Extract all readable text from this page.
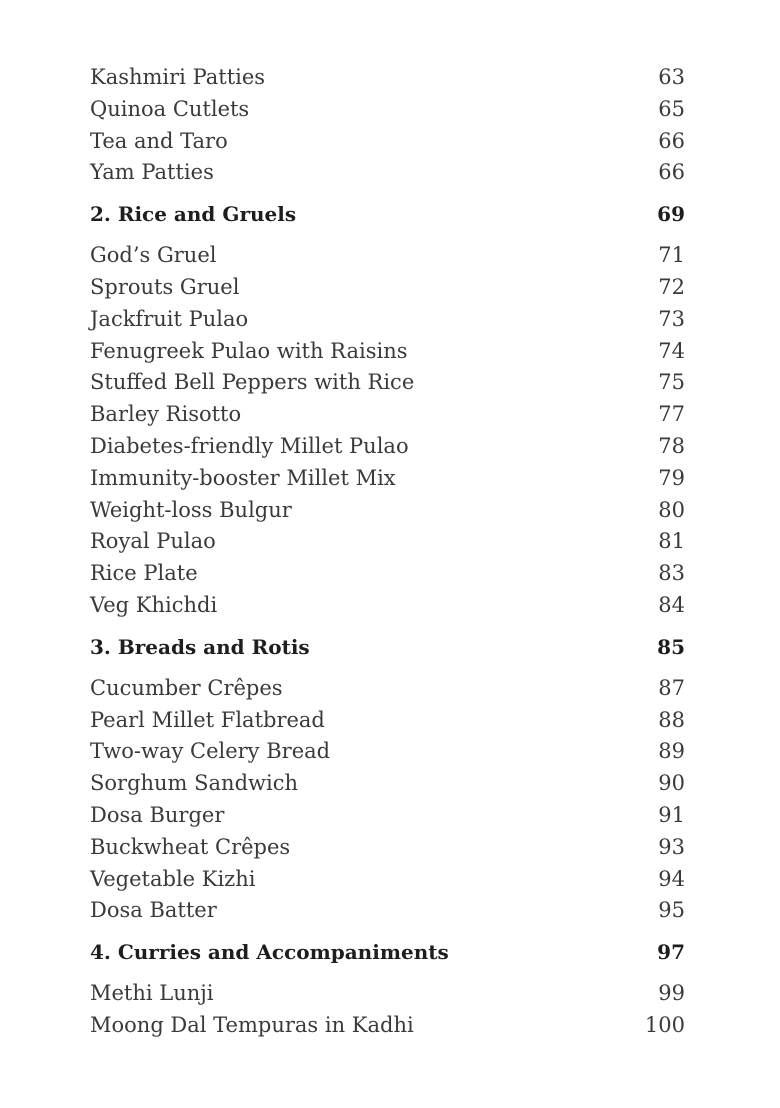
Kashmiri Patties	63
Quinoa Cutlets	65
Tea and Taro	66
Yam Patties	66
2. Rice and Gruels	69
God’s Gruel	71
Sprouts Gruel	72
Jackfruit Pulao	73
Fenugreek Pulao with Raisins	74
Stuffed Bell Peppers with Rice	75
Barley Risotto	77
Diabetes-friendly Millet Pulao	78
Immunity-booster Millet Mix	79
Weight-loss Bulgur	80
Royal Pulao	81
Rice Plate	83
Veg Khichdi	84
3. Breads and Rotis	85
Cucumber Crêpes	87
Pearl Millet Flatbread	88
Two-way Celery Bread	89
Sorghum Sandwich	90
Dosa Burger	91
Buckwheat Crêpes	93
Vegetable Kizhi	94
Dosa Batter	95
4. Curries and Accompaniments	97
Methi Lunji	99
Moong Dal Tempuras in Kadhi	100
